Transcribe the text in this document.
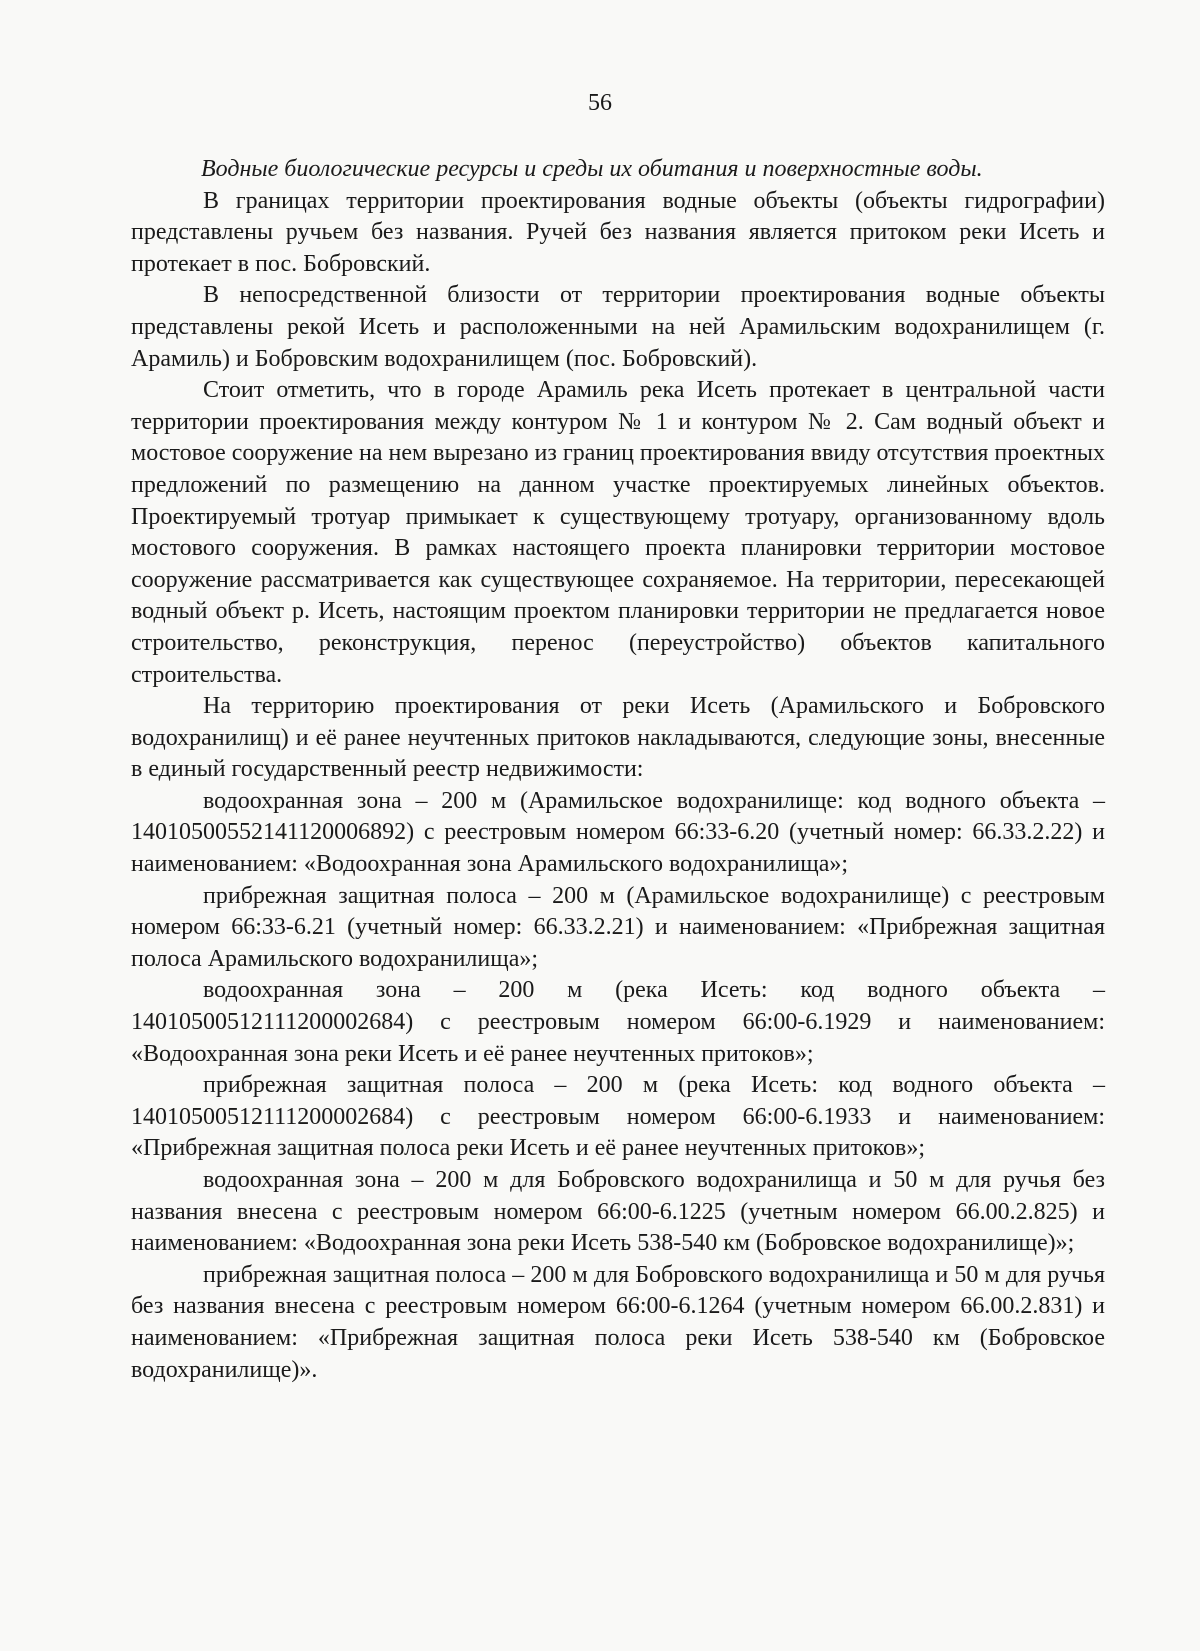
56

Водные биологические ресурсы и среды их обитания и поверхностные воды.

В границах территории проектирования водные объекты (объекты гидрографии) представлены ручьем без названия. Ручей без названия является притоком реки Исеть и протекает в пос. Бобровский.

В непосредственной близости от территории проектирования водные объекты представлены рекой Исеть и расположенными на ней Арамильским водохранилищем (г. Арамиль) и Бобровским водохранилищем (пос. Бобровский).

Стоит отметить, что в городе Арамиль река Исеть протекает в центральной части территории проектирования между контуром № 1 и контуром № 2. Сам водный объект и мостовое сооружение на нем вырезано из границ проектирования ввиду отсутствия проектных предложений по размещению на данном участке проектируемых линейных объектов. Проектируемый тротуар примыкает к существующему тротуару, организованному вдоль мостового сооружения. В рамках настоящего проекта планировки территории мостовое сооружение рассматривается как существующее сохраняемое. На территории, пересекающей водный объект р. Исеть, настоящим проектом планировки территории не предлагается новое строительство, реконструкция, перенос (переустройство) объектов капитального строительства.

На территорию проектирования от реки Исеть (Арамильского и Бобровского водохранилищ) и её ранее неучтенных притоков накладываются, следующие зоны, внесенные в единый государственный реестр недвижимости:

водоохранная зона – 200 м (Арамильское водохранилище: код водного объекта – 14010500552141120006892) с реестровым номером 66:33-6.20 (учетный номер: 66.33.2.22) и наименованием: «Водоохранная зона Арамильского водохранилища»;

прибрежная защитная полоса – 200 м (Арамильское водохранилище) с реестровым номером 66:33-6.21 (учетный номер: 66.33.2.21) и наименованием: «Прибрежная защитная полоса Арамильского водохранилища»;

водоохранная зона – 200 м (река Исеть: код водного объекта – 14010500512111200002684) с реестровым номером 66:00-6.1929 и наименованием: «Водоохранная зона реки Исеть и её ранее неучтенных притоков»;

прибрежная защитная полоса – 200 м (река Исеть: код водного объекта – 14010500512111200002684) с реестровым номером 66:00-6.1933 и наименованием: «Прибрежная защитная полоса реки Исеть и её ранее неучтенных притоков»;

водоохранная зона – 200 м для Бобровского водохранилища и 50 м для ручья без названия внесена с реестровым номером 66:00-6.1225 (учетным номером 66.00.2.825) и наименованием: «Водоохранная зона реки Исеть 538-540 км (Бобровское водохранилище)»;

прибрежная защитная полоса – 200 м для Бобровского водохранилища и 50 м для ручья без названия внесена с реестровым номером 66:00-6.1264 (учетным номером 66.00.2.831) и наименованием: «Прибрежная защитная полоса реки Исеть 538-540 км (Бобровское водохранилище)».
